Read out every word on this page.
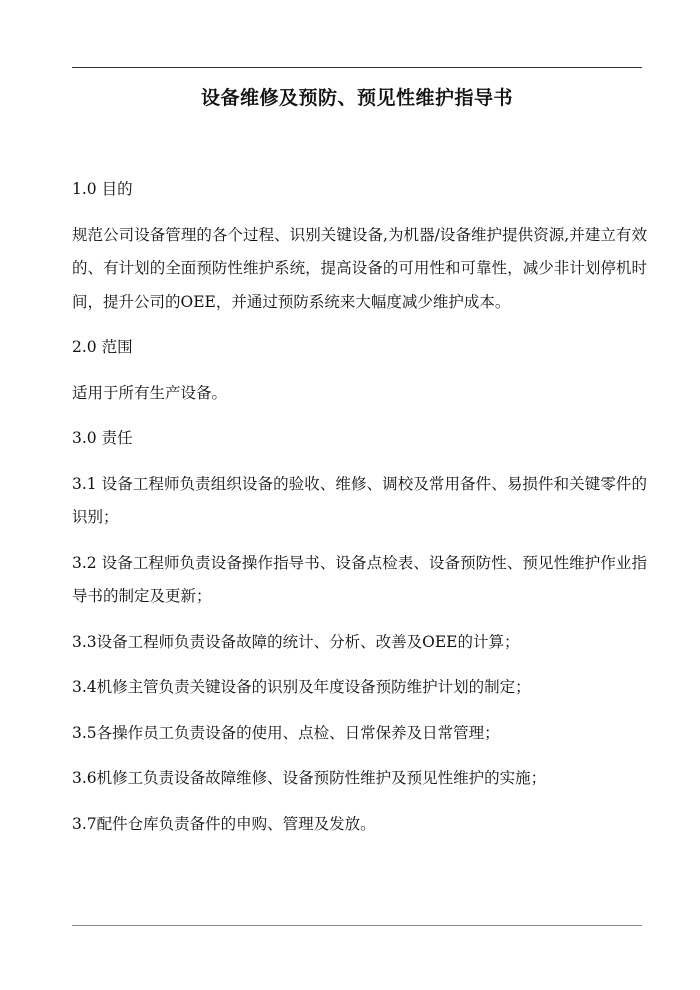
设备维修及预防、预见性维护指导书

1.0 目的

规范公司设备管理的各个过程、识别关键设备,为机器/设备维护提供资源,并建立有效的、有计划的全面预防性维护系统，提高设备的可用性和可靠性，减少非计划停机时间，提升公司的OEE，并通过预防系统来大幅度减少维护成本。

2.0 范围

适用于所有生产设备。

3.0 责任

3.1 设备工程师负责组织设备的验收、维修、调校及常用备件、易损件和关键零件的识别；

3.2 设备工程师负责设备操作指导书、设备点检表、设备预防性、预见性维护作业指导书的制定及更新；

3.3设备工程师负责设备故障的统计、分析、改善及OEE的计算；

3.4机修主管负责关键设备的识别及年度设备预防维护计划的制定；

3.5各操作员工负责设备的使用、点检、日常保养及日常管理；

3.6机修工负责设备故障维修、设备预防性维护及预见性维护的实施；

3.7配件仓库负责备件的申购、管理及发放。
